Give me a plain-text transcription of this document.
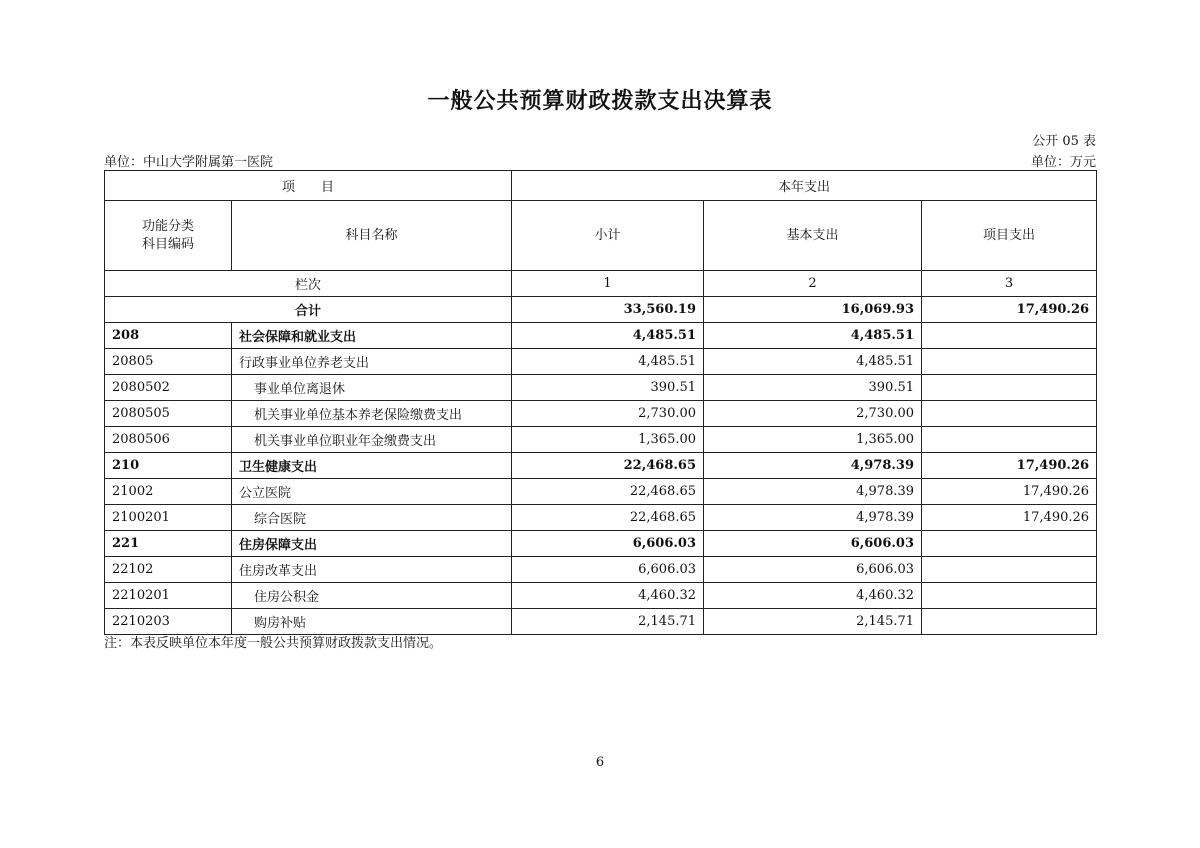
一般公共预算财政拨款支出决算表
公开 05 表
单位：中山大学附属第一医院	单位：万元
项　　目		本年支出		
功能分类
科目编码	科目名称	小计	基本支出	项目支出
栏次		1	2	3
合计		33,560.19	16,069.93	17,490.26
208	社会保障和就业支出	4,485.51	4,485.51	
20805	行政事业单位养老支出	4,485.51	4,485.51	
2080502	事业单位离退休	390.51	390.51	
2080505	机关事业单位基本养老保险缴费支出	2,730.00	2,730.00	
2080506	机关事业单位职业年金缴费支出	1,365.00	1,365.00	
210	卫生健康支出	22,468.65	4,978.39	17,490.26
21002	公立医院	22,468.65	4,978.39	17,490.26
2100201	综合医院	22,468.65	4,978.39	17,490.26
221	住房保障支出	6,606.03	6,606.03	
22102	住房改革支出	6,606.03	6,606.03	
2210201	住房公积金	4,460.32	4,460.32	
2210203	购房补贴	2,145.71	2,145.71	
注：本表反映单位本年度一般公共预算财政拨款支出情况。
6
